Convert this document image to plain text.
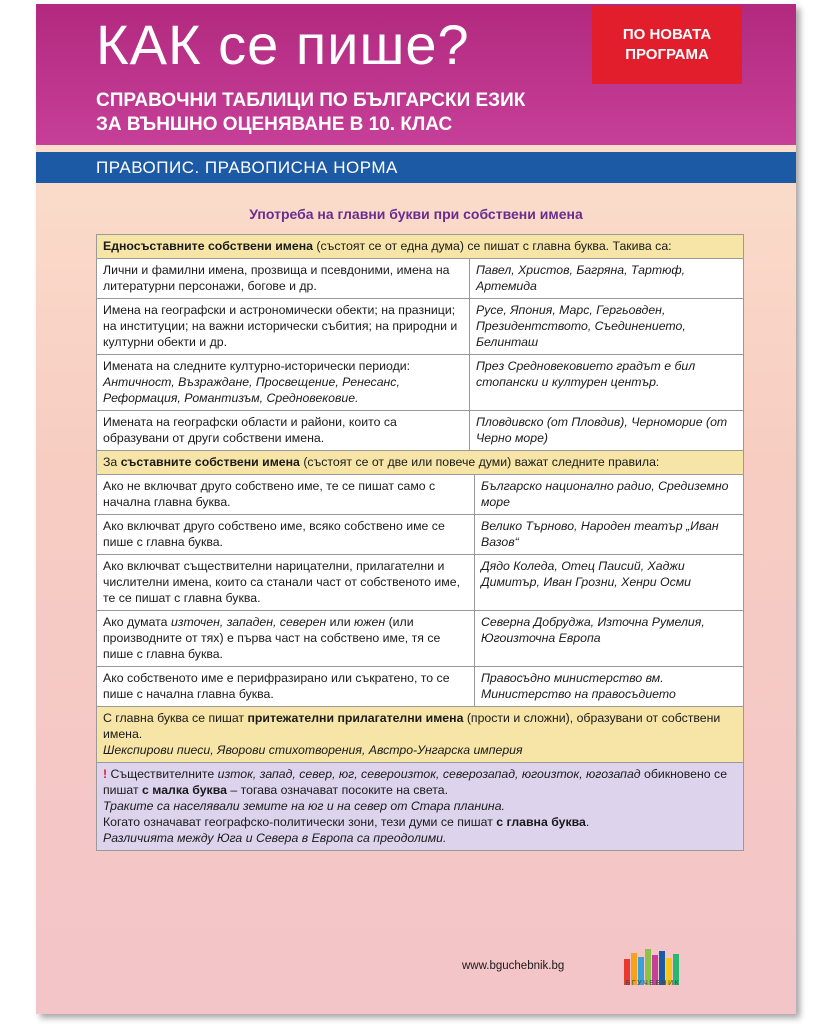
КАК се пише?
СПРАВОЧНИ ТАБЛИЦИ ПО БЪЛГАРСКИ ЕЗИК
ЗА ВЪНШНО ОЦЕНЯВАНЕ В 10. КЛАС
ПО НОВАТА
ПРОГРАМА
ПРАВОПИС. ПРАВОПИСНА НОРМА
Употреба на главни букви при собствени имена
Едносъставните собствени имена (състоят се от една дума) се пишат с главна буква. Такива са:
Лични и фамилни имена, прозвища и псевдоними, имена на литературни персонажи, богове и др.
Павел, Христов, Багряна, Тартюф, Артемида
Имена на географски и астрономически обекти; на празници; на институции; на важни исторически събития; на природни и културни обекти и др.
Русе, Япония, Марс, Гергьовден, Президентството, Съединението, Белинташ
Имената на следните културно-исторически периоди: Античност, Възраждане, Просвещение, Ренесанс, Реформация, Романтизъм, Средновековие.
През Средновековието градът е бил стопански и културен център.
Имената на географски области и райони, които са образувани от други собствени имена.
Пловдивско (от Пловдив), Черноморие (от Черно море)
За съставните собствени имена (състоят се от две или повече думи) важат следните правила:
Ако не включват друго собствено име, те се пишат само с начална главна буква.
Българско национално радио, Средиземно море
Ако включват друго собствено име, всяко собствено име се пише с главна буква.
Велико Търново, Народен театър „Иван Вазов“
Ако включват съществителни нарицателни, прилагателни и числителни имена, които са станали част от собственото име, те се пишат с главна буква.
Дядо Коледа, Отец Паисий, Хаджи Димитър, Иван Грозни, Хенри Осми
Ако думата източен, западен, северен или южен (или производните от тях) е първа част на собствено име, тя се пише с главна буква.
Северна Добруджа, Източна Румелия, Югоизточна Европа
Ако собственото име е перифразирано или съкратено, то се пише с начална главна буква.
Правосъдно министерство вм. Министерство на правосъдието
С главна буква се пишат притежателни прилагателни имена (прости и сложни), образувани от собствени имена.
Шекспирови пиеси, Яворови стихотворения, Австро-Унгарска империя
! Съществителните изток, запад, север, юг, североизток, северозапад, югоизток, югозапад обикновено се пишат с малка буква – тогава означават посоките на света.
Траките са населявали земите на юг и на север от Стара планина.
Когато означават географско-политически зони, тези думи се пишат с главна буква.
Различията между Юга и Севера в Европа са преодолими.
www.bguchebnik.bg
БГУЧЕБНИК
